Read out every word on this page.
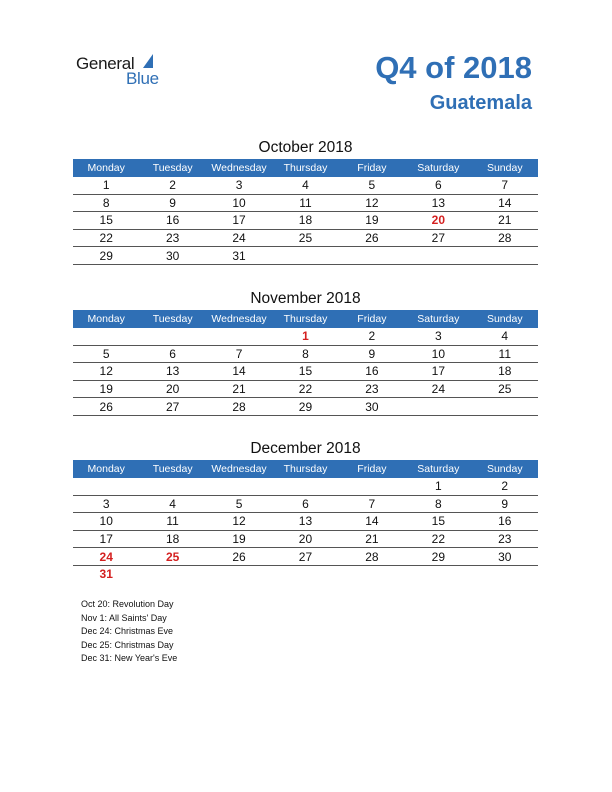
General
Blue	Q4 of 2018
Guatemala
October 2018
Monday	Tuesday	Wednesday	Thursday	Friday	Saturday	Sunday
1	2	3	4	5	6	7
8	9	10	11	12	13	14
15	16	17	18	19	20	21
22	23	24	25	26	27	28
29	30	31				
November 2018
Monday	Tuesday	Wednesday	Thursday	Friday	Saturday	Sunday
			1	2	3	4
5	6	7	8	9	10	11
12	13	14	15	16	17	18
19	20	21	22	23	24	25
26	27	28	29	30		
December 2018
Monday	Tuesday	Wednesday	Thursday	Friday	Saturday	Sunday
					1	2
3	4	5	6	7	8	9
10	11	12	13	14	15	16
17	18	19	20	21	22	23
24	25	26	27	28	29	30
31						
Oct 20: Revolution Day
Nov 1: All Saints' Day
Dec 24: Christmas Eve
Dec 25: Christmas Day
Dec 31: New Year's Eve
